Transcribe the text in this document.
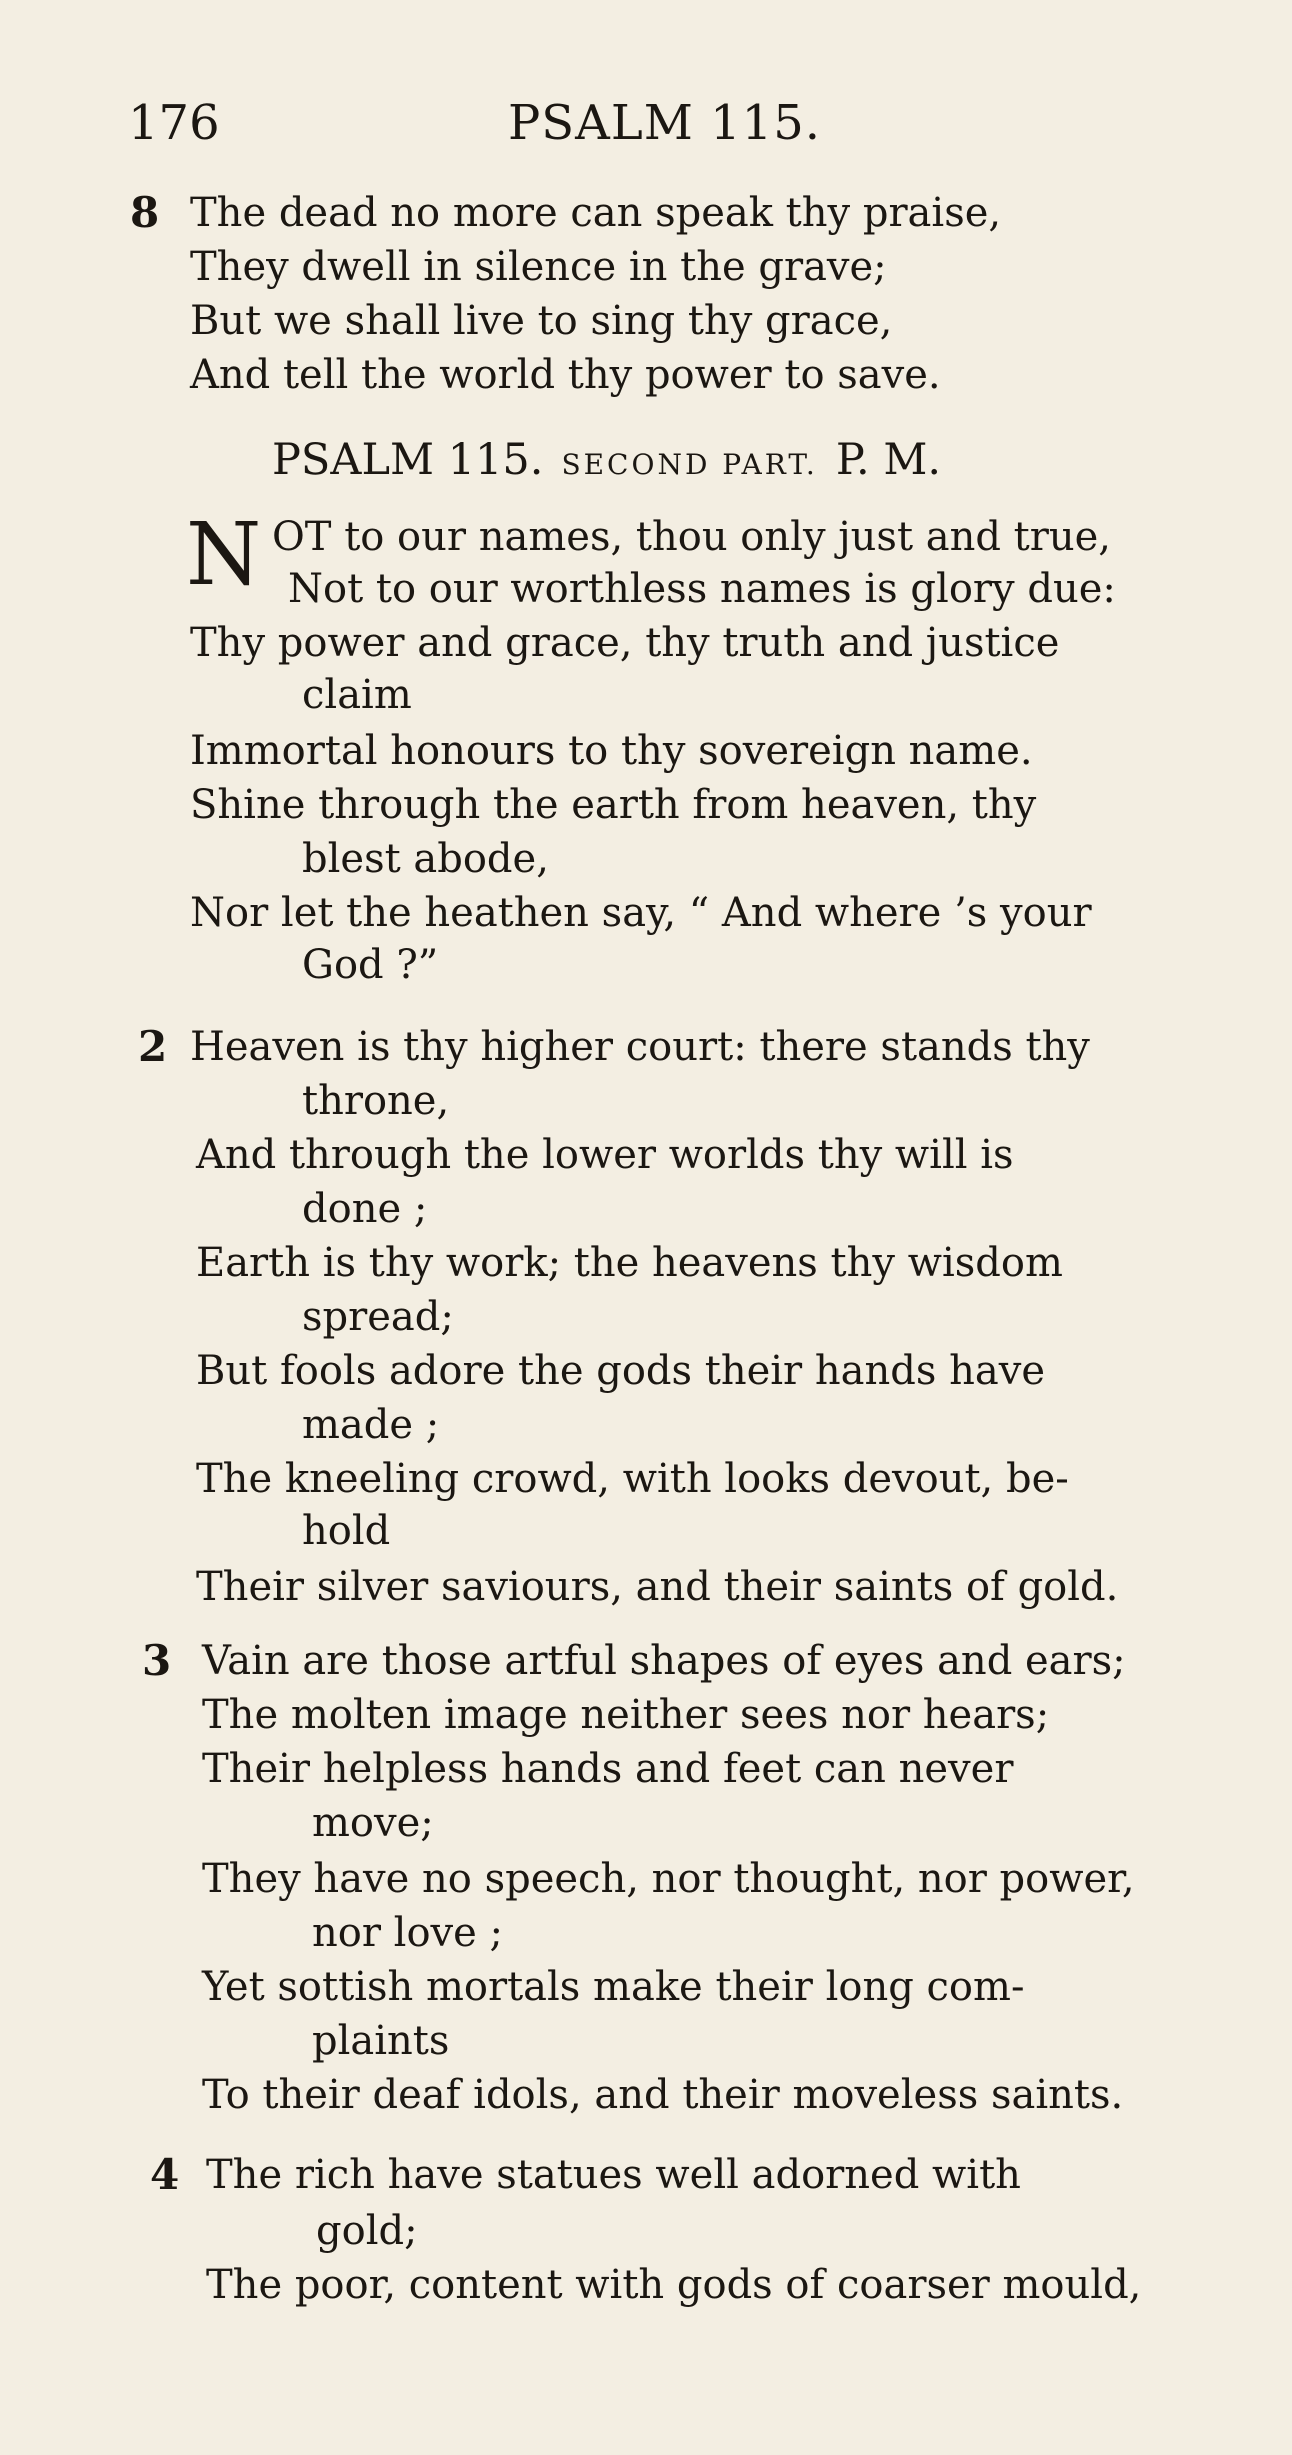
176	PSALM 115.
8 The dead no more can speak thy praise,
They dwell in silence in the grave;
But we shall live to sing thy grace,
And tell the world thy power to save.
PSALM 115. SECOND PART. P. M.
N OT to our names, thou only just and true,
Not to our worthless names is glory due:
Thy power and grace, thy truth and justice
claim
Immortal honours to thy sovereign name.
Shine through the earth from heaven, thy
blest abode,
Nor let the heathen say, “ And where ’s your
God ?”
2 Heaven is thy higher court: there stands thy
throne,
And through the lower worlds thy will is
done ;
Earth is thy work; the heavens thy wisdom
spread;
But fools adore the gods their hands have
made ;
The kneeling crowd, with looks devout, be-
hold
Their silver saviours, and their saints of gold.
3 Vain are those artful shapes of eyes and ears;
The molten image neither sees nor hears;
Their helpless hands and feet can never
move;
They have no speech, nor thought, nor power,
nor love ;
Yet sottish mortals make their long com-
plaints
To their deaf idols, and their moveless saints.
4 The rich have statues well adorned with
gold;
The poor, content with gods of coarser mould,
